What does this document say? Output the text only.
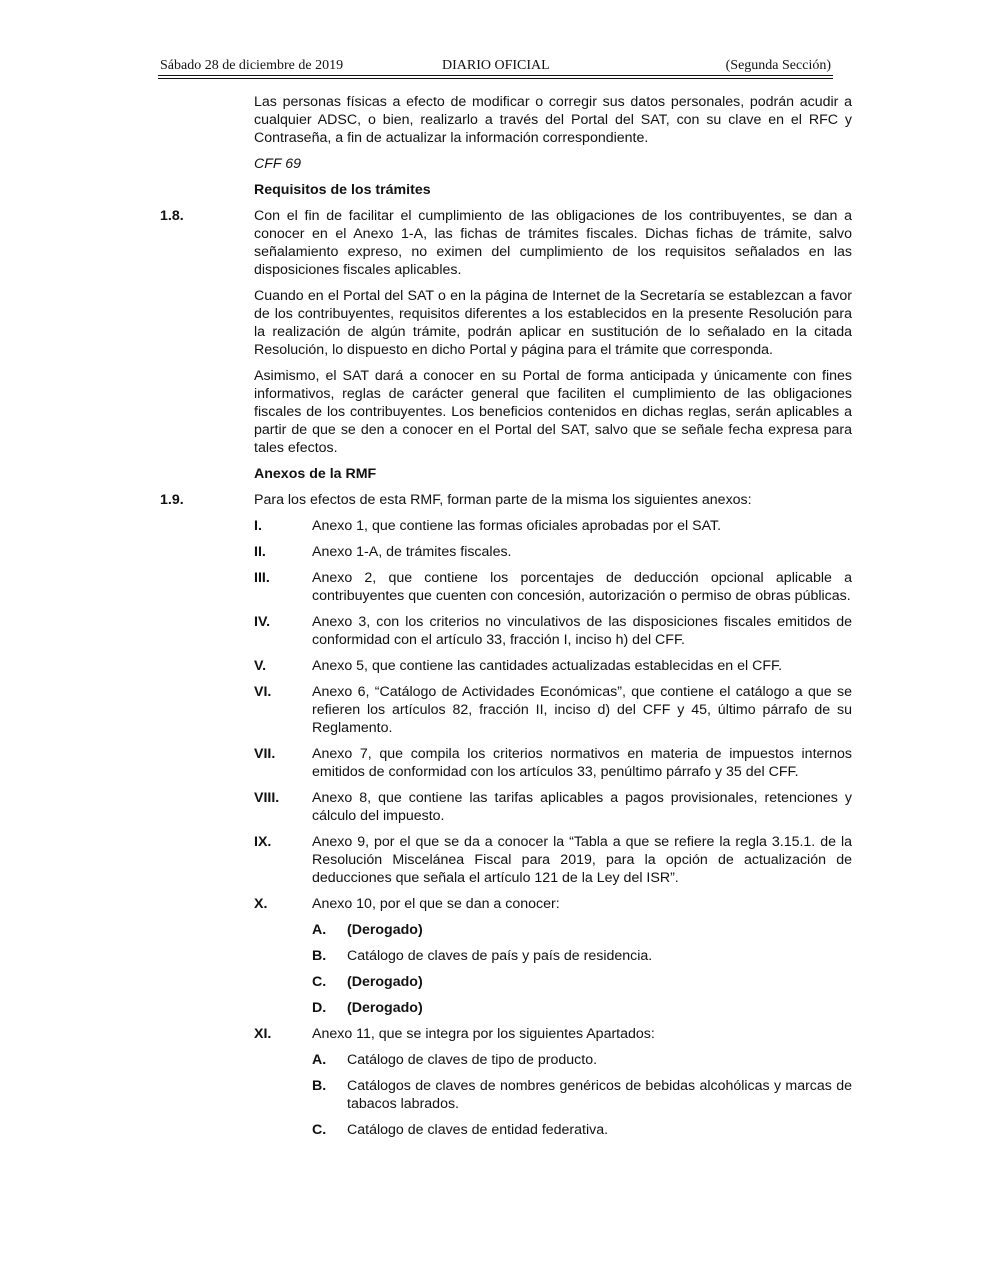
Sábado 28 de diciembre de 2019	DIARIO OFICIAL	(Segunda Sección)
Las personas físicas a efecto de modificar o corregir sus datos personales, podrán acudir a cualquier ADSC, o bien, realizarlo a través del Portal del SAT, con su clave en el RFC y Contraseña, a fin de actualizar la información correspondiente.
CFF 69
Requisitos de los trámites
1.8.	Con el fin de facilitar el cumplimiento de las obligaciones de los contribuyentes, se dan a conocer en el Anexo 1-A, las fichas de trámites fiscales. Dichas fichas de trámite, salvo señalamiento expreso, no eximen del cumplimiento de los requisitos señalados en las disposiciones fiscales aplicables.
Cuando en el Portal del SAT o en la página de Internet de la Secretaría se establezcan a favor de los contribuyentes, requisitos diferentes a los establecidos en la presente Resolución para la realización de algún trámite, podrán aplicar en sustitución de lo señalado en la citada Resolución, lo dispuesto en dicho Portal y página para el trámite que corresponda.
Asimismo, el SAT dará a conocer en su Portal de forma anticipada y únicamente con fines informativos, reglas de carácter general que faciliten el cumplimiento de las obligaciones fiscales de los contribuyentes. Los beneficios contenidos en dichas reglas, serán aplicables a partir de que se den a conocer en el Portal del SAT, salvo que se señale fecha expresa para tales efectos.
Anexos de la RMF
1.9.	Para los efectos de esta RMF, forman parte de la misma los siguientes anexos:
I.	Anexo 1, que contiene las formas oficiales aprobadas por el SAT.
II.	Anexo 1-A, de trámites fiscales.
III.	Anexo 2, que contiene los porcentajes de deducción opcional aplicable a contribuyentes que cuenten con concesión, autorización o permiso de obras públicas.
IV.	Anexo 3, con los criterios no vinculativos de las disposiciones fiscales emitidos de conformidad con el artículo 33, fracción I, inciso h) del CFF.
V.	Anexo 5, que contiene las cantidades actualizadas establecidas en el CFF.
VI.	Anexo 6, “Catálogo de Actividades Económicas”, que contiene el catálogo a que se refieren los artículos 82, fracción II, inciso d) del CFF y 45, último párrafo de su Reglamento.
VII.	Anexo 7, que compila los criterios normativos en materia de impuestos internos emitidos de conformidad con los artículos 33, penúltimo párrafo y 35 del CFF.
VIII. Anexo 8, que contiene las tarifas aplicables a pagos provisionales, retenciones y cálculo del impuesto.
IX.	Anexo 9, por el que se da a conocer la “Tabla a que se refiere la regla 3.15.1. de la Resolución Miscelánea Fiscal para 2019, para la opción de actualización de deducciones que señala el artículo 121 de la Ley del ISR”.
X.	Anexo 10, por el que se dan a conocer:
A. (Derogado)
B. Catálogo de claves de país y país de residencia.
C. (Derogado)
D. (Derogado)
XI.	Anexo 11, que se integra por los siguientes Apartados:
A. Catálogo de claves de tipo de producto.
B. Catálogos de claves de nombres genéricos de bebidas alcohólicas y marcas de tabacos labrados.
C. Catálogo de claves de entidad federativa.
